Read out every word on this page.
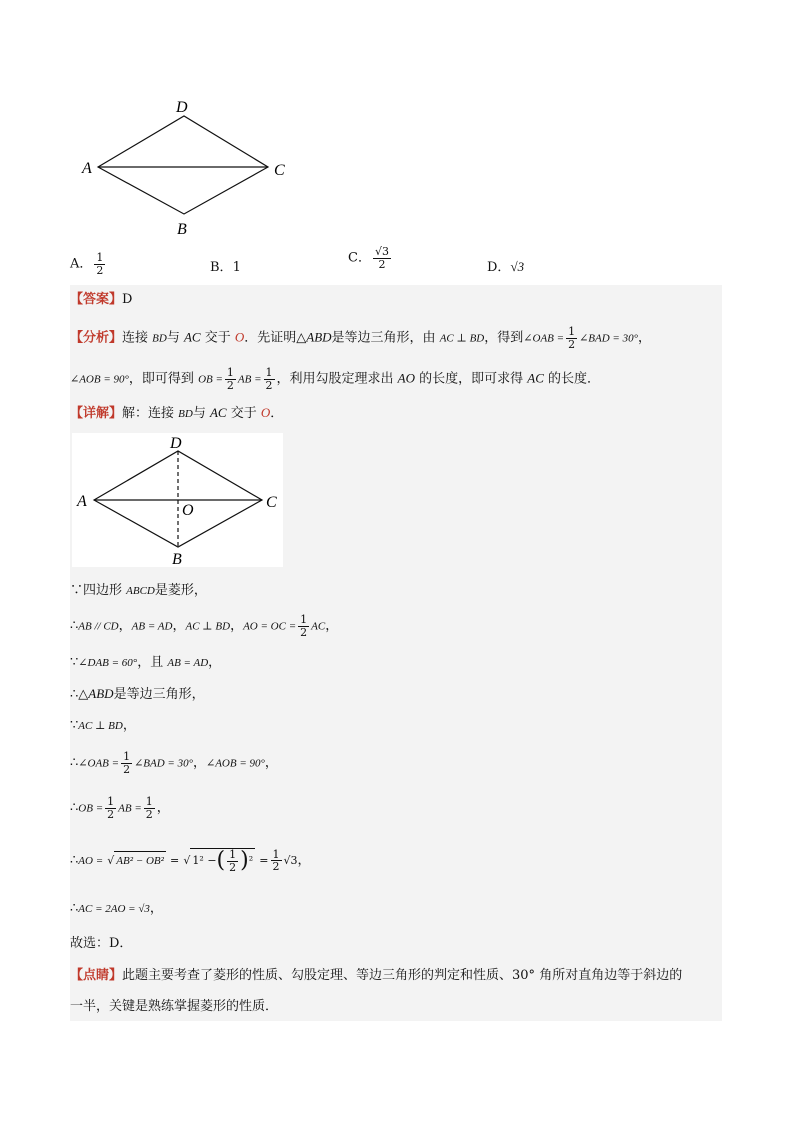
D
A	C
B
A． $\frac{1}{2}$	B．1
C． $\frac{√3}{2}$	D．√3
【答案】D
【分析】连接 BD与 AC 交于 O．先证明△ABD是等边三角形，由 AC ⊥ BD，得到∠OAB = $\frac{1}{2}$ ∠BAD = 30°，
∠AOB = 90°，即可得到 OB = $\frac{1}{2}$ AB = $\frac{1}{2}$ ，利用勾股定理求出 AO 的长度，即可求得 AC 的长度．
【详解】解：连接 BD与 AC 交于 O．
D
A	C
O
B
∵四边形 ABCD是菱形，
∴AB // CD，AB = AD，AC ⊥ BD，AO = OC = $\frac{1}{2}$ AC，
∵∠DAB = 60°，且 AB = AD，
∴△ABD是等边三角形，
∵AC ⊥ BD，
∴∠OAB = $\frac{1}{2}$ ∠BAD = 30°，∠AOB = 90°，
∴OB = $\frac{1}{2}$ AB = $\frac{1}{2}$ ，
∴AO = √ AB² − OB² = √ 1² −( $\frac{1}{2} )^2 = \frac{1}{2} √3$，
∴AC = 2AO = √3，
故选：D．
【点睛】此题主要考查了菱形的性质、勾股定理、等边三角形的判定和性质、30° 角所对直角边等于斜边的
一半，关键是熟练掌握菱形的性质．
